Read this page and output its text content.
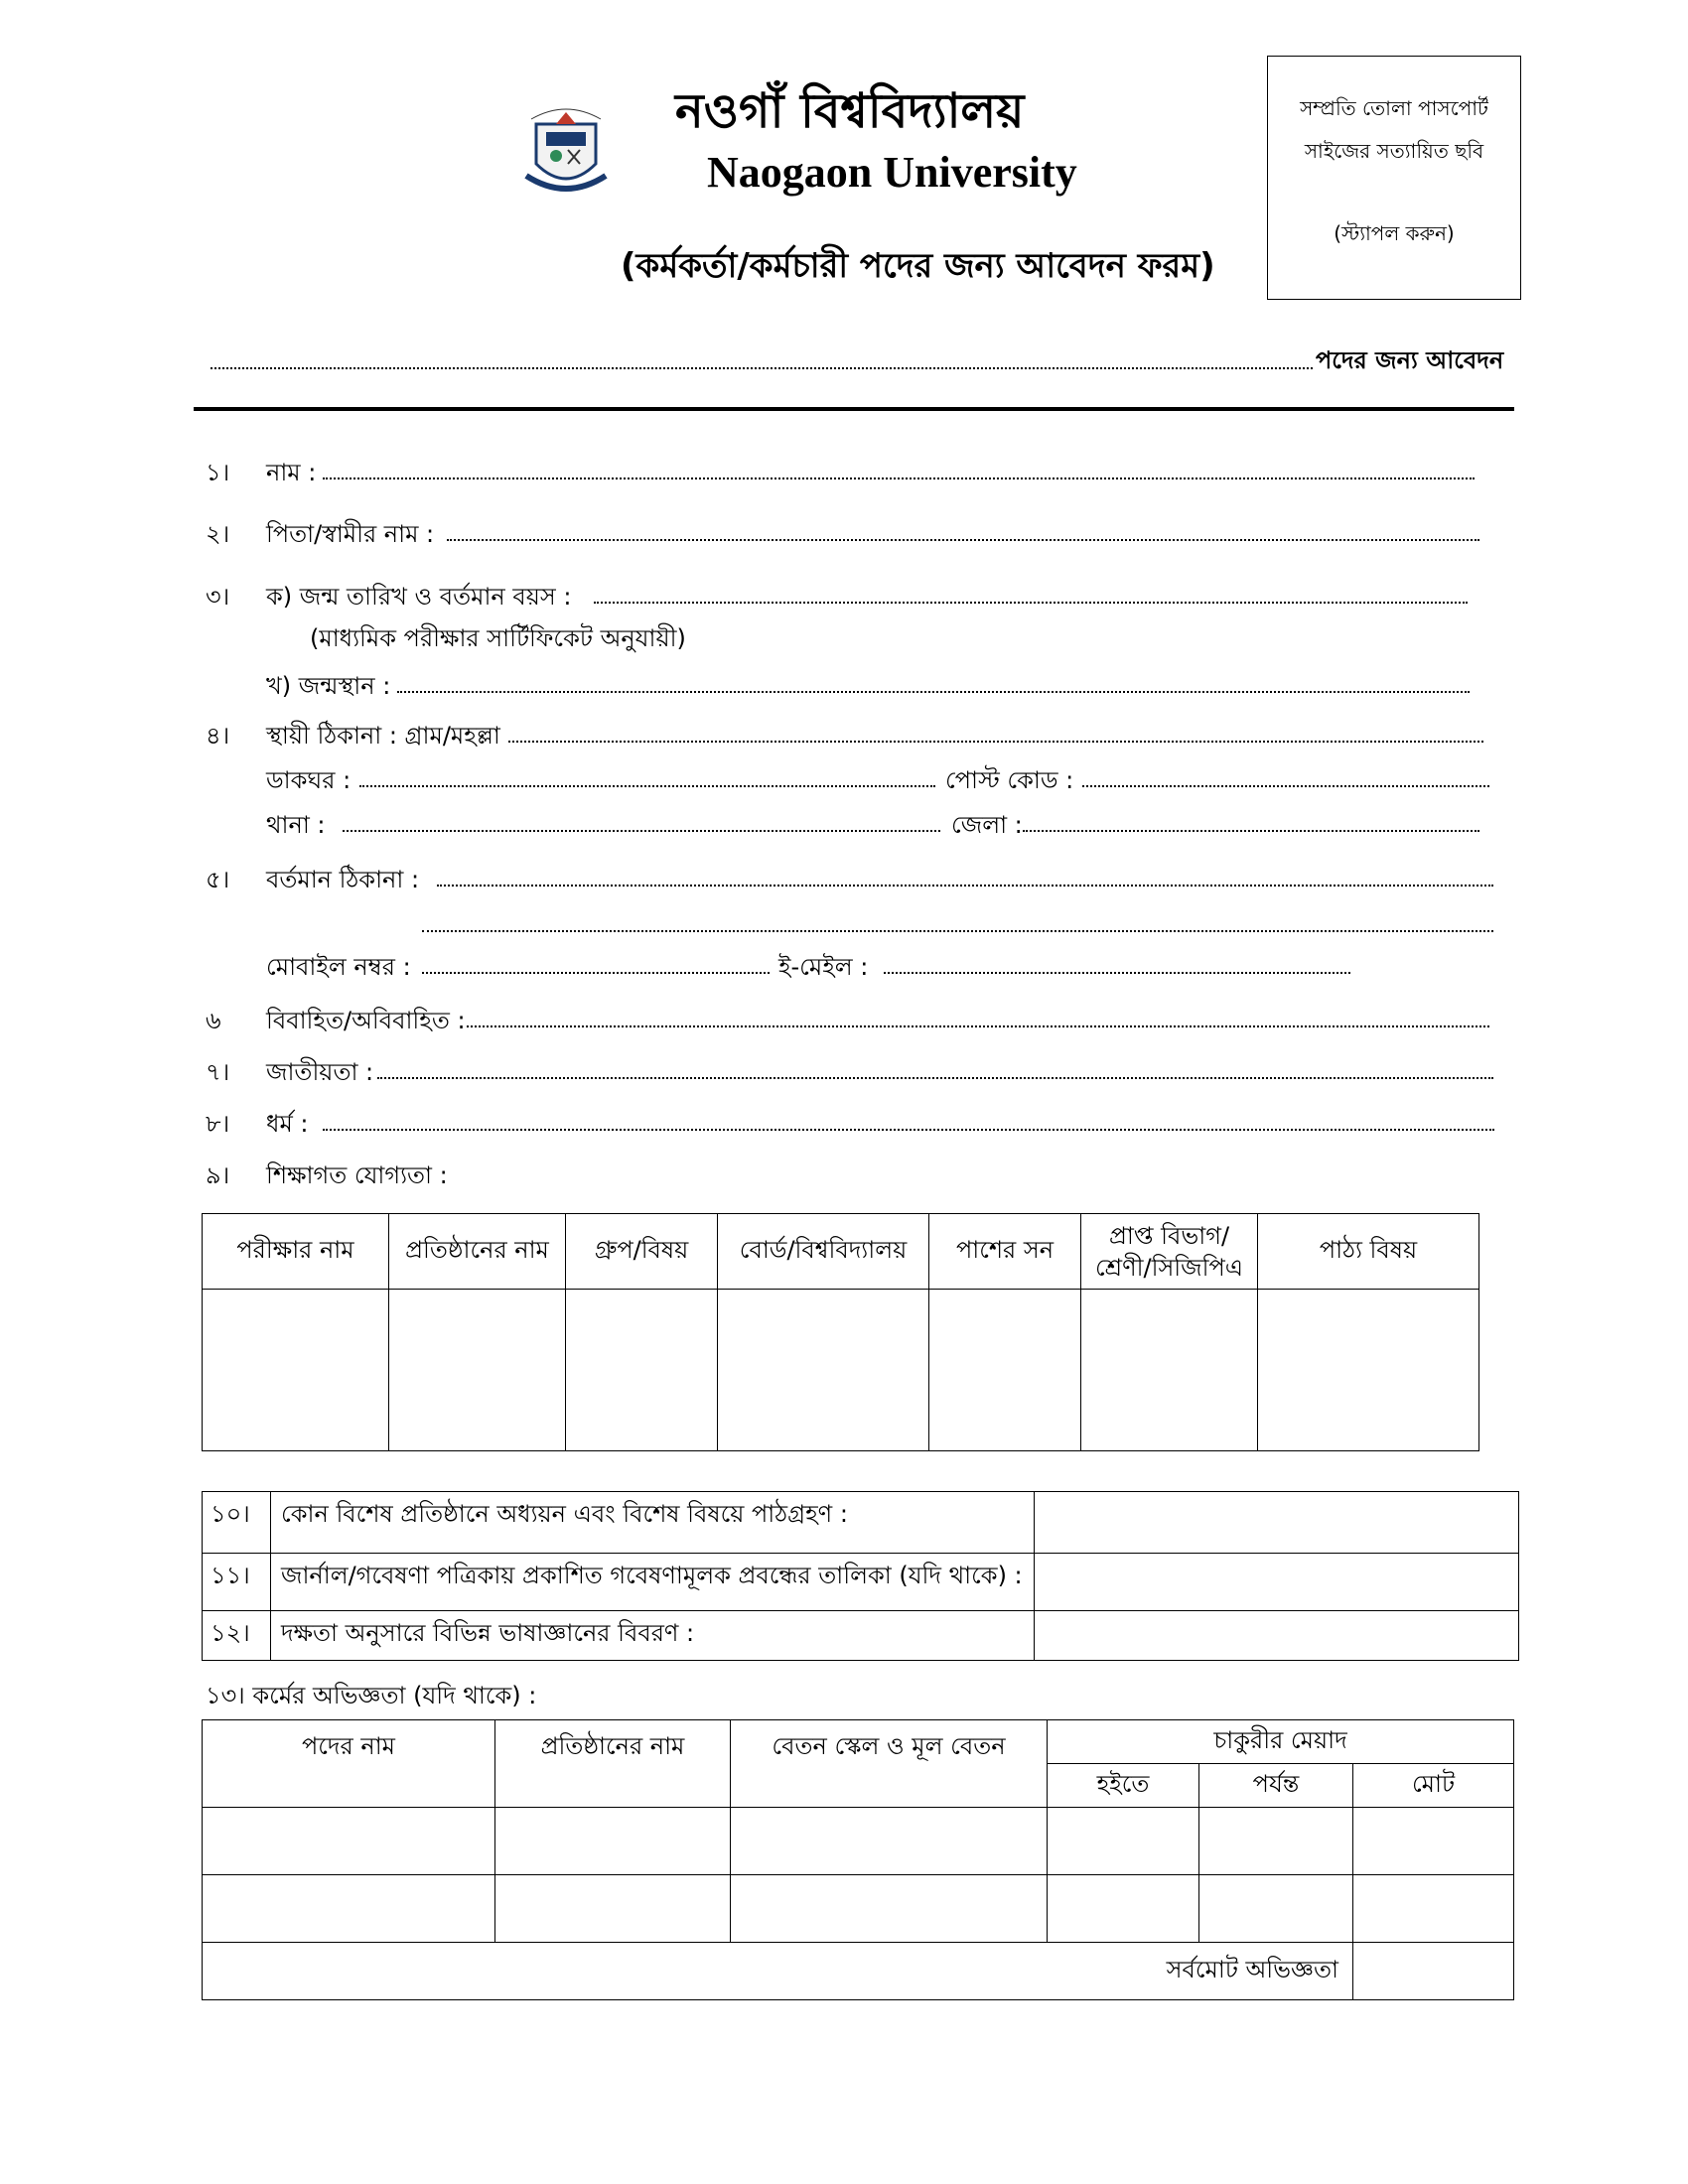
নওগাঁ বিশ্ববিদ্যালয়
Naogaon University
(কর্মকর্তা/কর্মচারী পদের জন্য আবেদন ফরম)
সম্প্রতি তোলা পাসপোর্ট
সাইজের সত্যায়িত ছবি
(স্ট্যাপল করুন)
পদের জন্য আবেদন
১। নাম :
২। পিতা/স্বামীর নাম :
৩। ক) জন্ম তারিখ ও বর্তমান বয়স :
(মাধ্যমিক পরীক্ষার সার্টিফিকেট অনুযায়ী)
খ) জন্মস্থান :
৪। স্থায়ী ঠিকানা : গ্রাম/মহল্লা
ডাকঘর :	পোস্ট কোড :
থানা :	জেলা :
৫। বর্তমান ঠিকানা :
মোবাইল নম্বর :	ই-মেইল :
৬ বিবাহিত/অবিবাহিত :
৭। জাতীয়তা :
৮। ধর্ম :
৯। শিক্ষাগত যোগ্যতা :
পরীক্ষার নাম	প্রতিষ্ঠানের নাম	গ্রুপ/বিষয়	বোর্ড/বিশ্ববিদ্যালয়	পাশের সন	প্রাপ্ত বিভাগ/
শ্রেণী/সিজিপিএ	পাঠ্য বিষয়

১০।	কোন বিশেষ প্রতিষ্ঠানে অধ্যয়ন এবং বিশেষ বিষয়ে পাঠগ্রহণ :	
১১।	জার্নাল/গবেষণা পত্রিকায় প্রকাশিত গবেষণামূলক প্রবন্ধের তালিকা (যদি থাকে) :	
১২।	দক্ষতা অনুসারে বিভিন্ন ভাষাজ্ঞানের বিবরণ :	
১৩। কর্মের অভিজ্ঞতা (যদি থাকে) :
পদের নাম	প্রতিষ্ঠানের নাম	বেতন স্কেল ও মূল বেতন	চাকুরীর মেয়াদ		
			হইতে	পর্যন্ত	মোট

সর্বমোট অভিজ্ঞতা					
